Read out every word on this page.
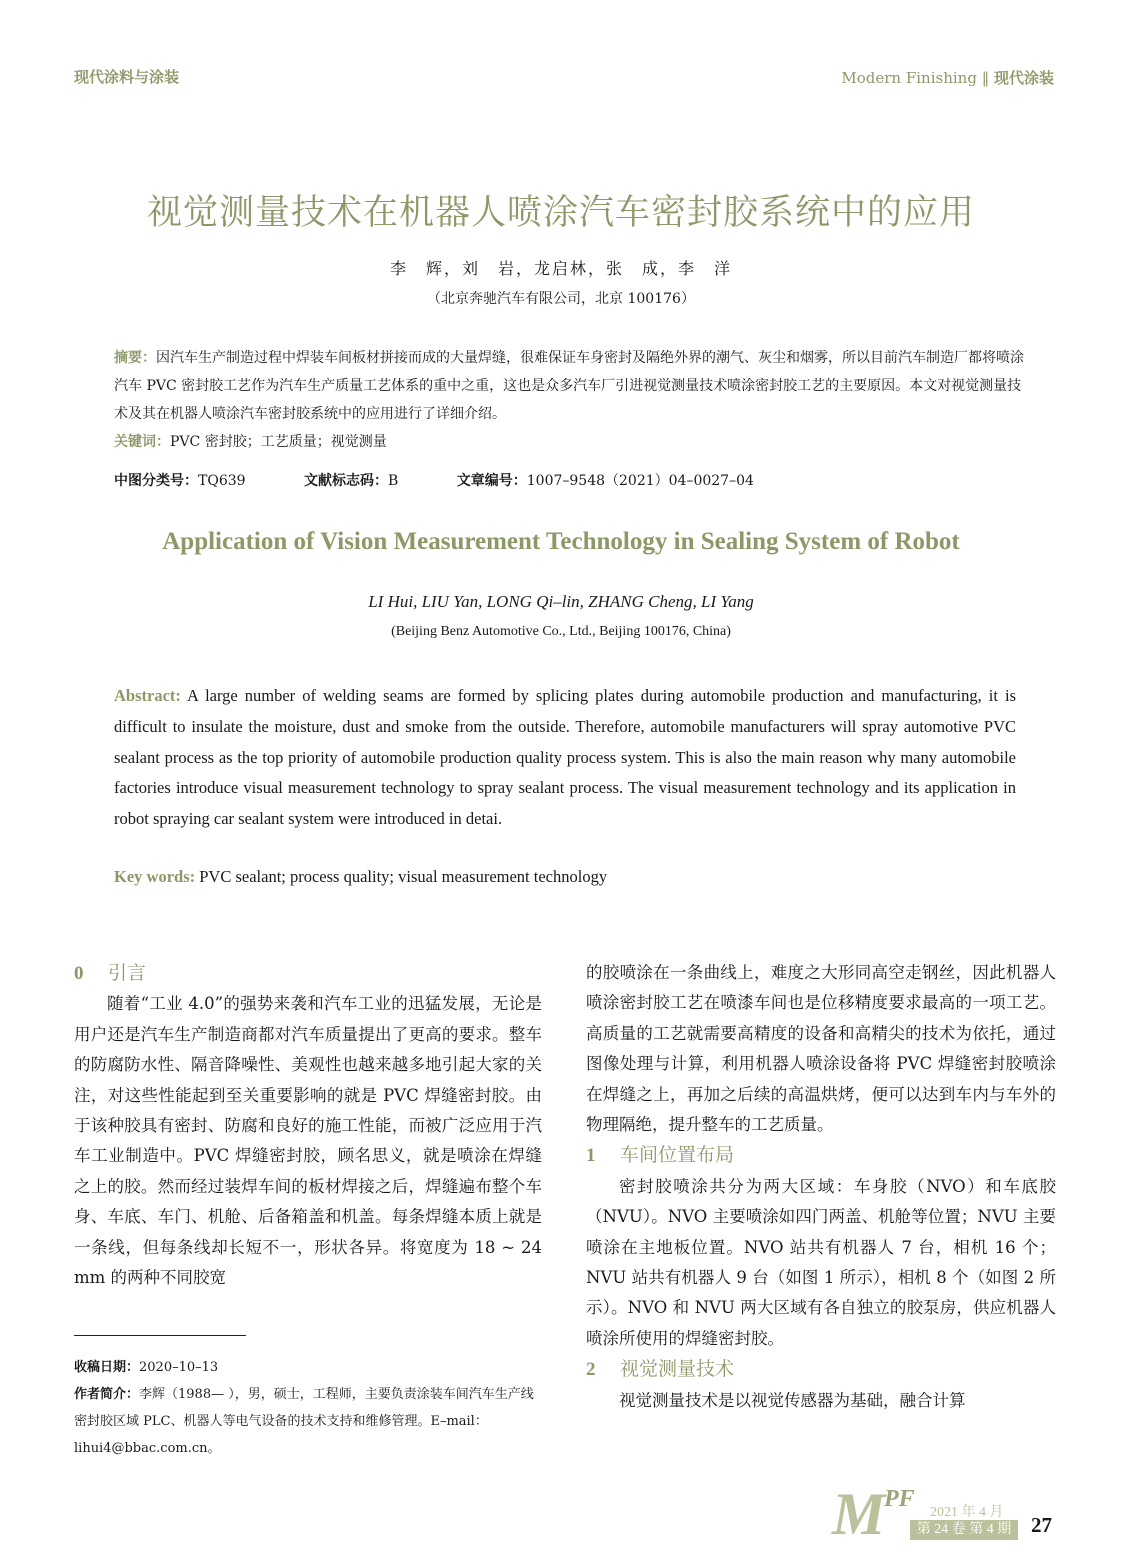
现代涂料与涂装	Modern Finishing ‖ 现代涂装
视觉测量技术在机器人喷涂汽车密封胶系统中的应用
李　辉，刘　岩，龙启林，张　成，李　洋
（北京奔驰汽车有限公司，北京 100176）
摘要：因汽车生产制造过程中焊装车间板材拼接而成的大量焊缝，很难保证车身密封及隔绝外界的潮气、灰尘和烟雾，所以目前汽车制造厂都将喷涂汽车 PVC 密封胶工艺作为汽车生产质量工艺体系的重中之重，这也是众多汽车厂引进视觉测量技术喷涂密封胶工艺的主要原因。本文对视觉测量技术及其在机器人喷涂汽车密封胶系统中的应用进行了详细介绍。
关键词：PVC 密封胶；工艺质量；视觉测量
中图分类号：TQ639	文献标志码：B	文章编号：1007–9548（2021）04–0027–04
Application of Vision Measurement Technology in Sealing System of Robot
LI Hui, LIU Yan, LONG Qi–lin, ZHANG Cheng, LI Yang
(Beijing Benz Automotive Co., Ltd., Beijing 100176, China)
Abstract: A large number of welding seams are formed by splicing plates during automobile production and manufacturing, it is difficult to insulate the moisture, dust and smoke from the outside. Therefore, automobile manufacturers will spray automotive PVC sealant process as the top priority of automobile production quality process system. This is also the main reason why many automobile factories introduce visual measurement technology to spray sealant process. The visual measurement technology and its application in robot spraying car sealant system were introduced in detai.
Key words: PVC sealant; process quality; visual measurement technology
0 引言

随着“工业 4.0”的强势来袭和汽车工业的迅猛发展，无论是用户还是汽车生产制造商都对汽车质量提出了更高的要求。整车的防腐防水性、隔音降噪性、美观性也越来越多地引起大家的关注，对这些性能起到至关重要影响的就是 PVC 焊缝密封胶。由于该种胶具有密封、防腐和良好的施工性能，而被广泛应用于汽车工业制造中。PVC 焊缝密封胶，顾名思义，就是喷涂在焊缝之上的胶。然而经过装焊车间的板材焊接之后，焊缝遍布整个车身、车底、车门、机舱、后备箱盖和机盖。每条焊缝本质上就是一条线，但每条线却长短不一，形状各异。将宽度为 18 ~ 24 mm 的两种不同胶宽

收稿日期：2020–10–13
作者简介：李辉（1988— ），男，硕士，工程师，主要负责涂装车间汽车生产线密封胶区域 PLC、机器人等电气设备的技术支持和维修管理。E–mail：lihui4@bbac.com.cn。

的胶喷涂在一条曲线上，难度之大形同高空走钢丝，因此机器人喷涂密封胶工艺在喷漆车间也是位移精度要求最高的一项工艺。高质量的工艺就需要高精度的设备和高精尖的技术为依托，通过图像处理与计算，利用机器人喷涂设备将 PVC 焊缝密封胶喷涂在焊缝之上，再加之后续的高温烘烤，便可以达到车内与车外的物理隔绝，提升整车的工艺质量。

1 车间位置布局

密封胶喷涂共分为两大区域：车身胶（NVO）和车底胶（NVU）。NVO 主要喷涂如四门两盖、机舱等位置；NVU 主要喷涂在主地板位置。NVO 站共有机器人 7 台，相机 16 个；NVU 站共有机器人 9 台（如图 1 所示），相机 8 个（如图 2 所示）。NVO 和 NVU 两大区域有各自独立的胶泵房，供应机器人喷涂所使用的焊缝密封胶。

2 视觉测量技术

视觉测量技术是以视觉传感器为基础，融合计算

M
PF
2021 年 4 月
第 24 卷 第 4 期 27
